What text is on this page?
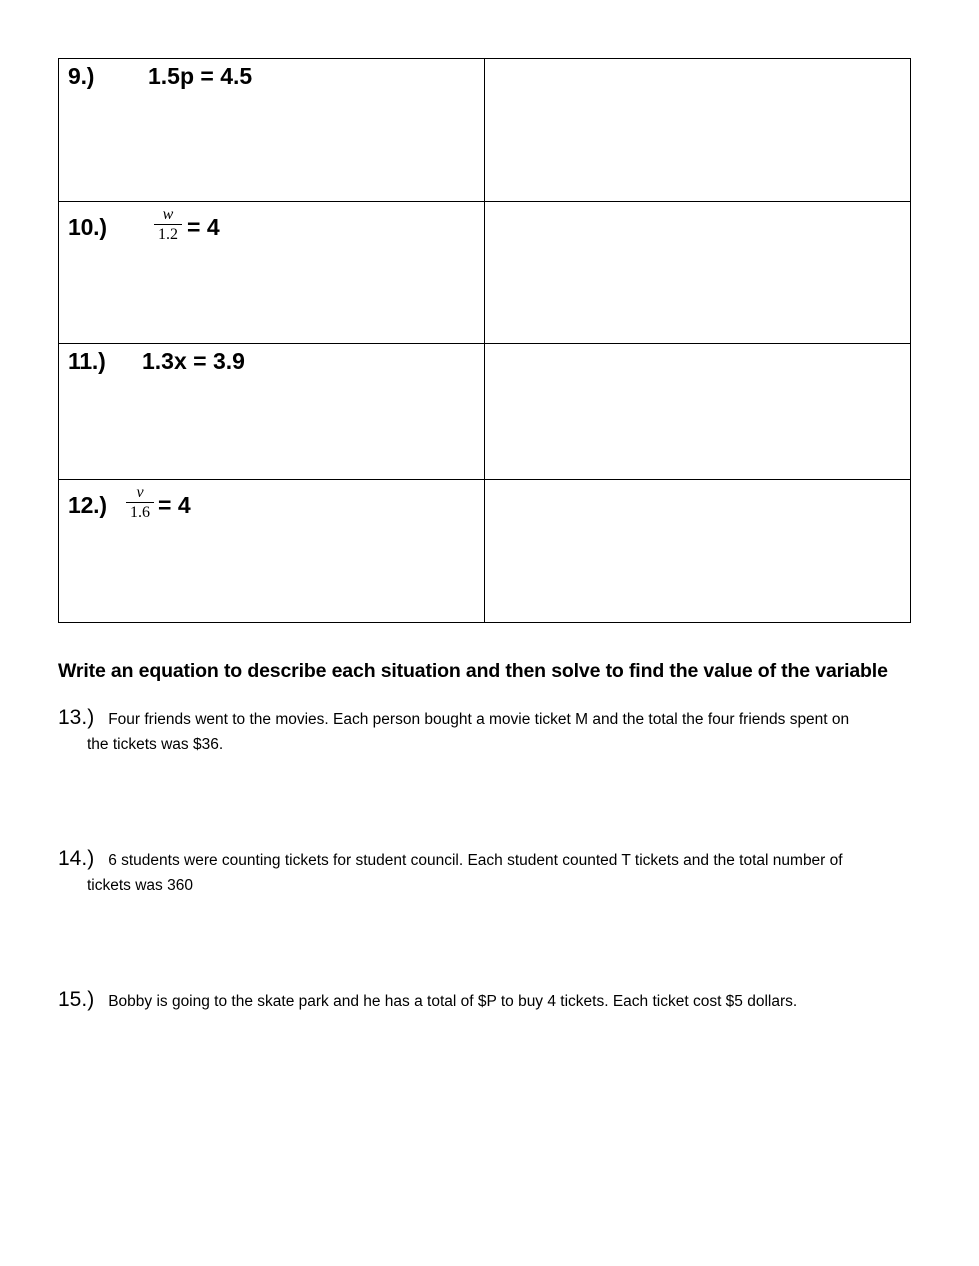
9.) 1.5p = 4.5	

10.) w
1.2 = 4	

11.) 1.3x = 3.9	

12.) v
1.6 = 4	

Write an equation to describe each situation and then solve to find the value of the variable
13.) Four friends went to the movies. Each person bought a movie ticket M and the total the four friends spent on
the tickets was $36.
14.) 6 students were counting tickets for student council. Each student counted T tickets and the total number of
tickets was 360
15.) Bobby is going to the skate park and he has a total of $P to buy 4 tickets. Each ticket cost $5 dollars.
